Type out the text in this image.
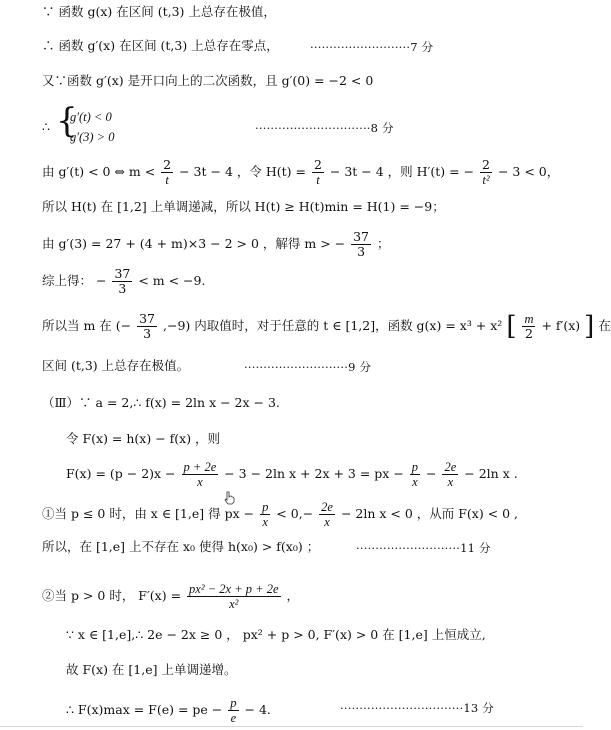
∵ 函数 g(x) 在区间 (t,3) 上总存在极值，
∴ 函数 g′(x) 在区间 (t,3) 上总存在零点，	··························7 分
又∵函数 g′(x) 是开口向上的二次函数，且 g′(0) = −2 < 0
∴ {
g′(t) < 0
g′(3) > 0
······························8 分
由 g′(t) < 0 ⇔ $m < \frac{2}{t} - 3t - 4$ ，令 $H(t) = \frac{2}{t} - 3t - 4$ ，则 H′(t) = − $\frac{2}{\text{t²}} - 3 < 0$，
所以 H(t) 在 [1,2] 上单调递减，所以 H(t) ≥ H(t)min = H(1) = −9；
由 g′(3) = 27 + (4 + m)×3 − 2 > 0 ，解得 m > − $\frac{37}{3}$ ；
综上得： − $\frac{37}{3} < m < -9$.
所以当 m 在 (− $\frac{37}{3} ,-9$) 内取值时，对于任意的 t ∈ [1,2]，函数 g(x) = x³ + x² [ $\frac{m}{2} + f'(x)$ ] 在
区间 (t,3) 上总存在极值。	···························9 分
（Ⅲ）∵ a = 2,∴ f(x) = 2ln x − 2x − 3.
令 F(x) = h(x) − f(x) ，则
$F(x) = (p - 2)x - \frac{p + 2e}{x} - 3 - 2\ln$ x + 2x + 3 = px − $\frac{p}{x} - \frac{2e}{x} - 2\ln$ x .
①当 p ≤ 0 时，由 x ∈ [1,e] 得 px − $\frac{p}{x} < 0,- \frac{2e}{x} - 2\ln$ x < 0 ，从而 F(x) < 0 ,
所以，在 [1,e] 上不存在 x₀ 使得 h(x₀) > f(x₀) ；	···························11 分
②当 p > 0 时， $F'(x) = \frac{\text{px² − 2x + p + 2e}}{\text{x²}}$ ，
∵ x ∈ [1,e],∴ 2e − 2x ≥ 0 ， px² + p > 0, F′(x) > 0 在 [1,e] 上恒成立,
故 F(x) 在 [1,e] 上单调递增。
∴ F(x)max = F(e) = pe − $\frac{p}{e} - 4$.	································13 分
